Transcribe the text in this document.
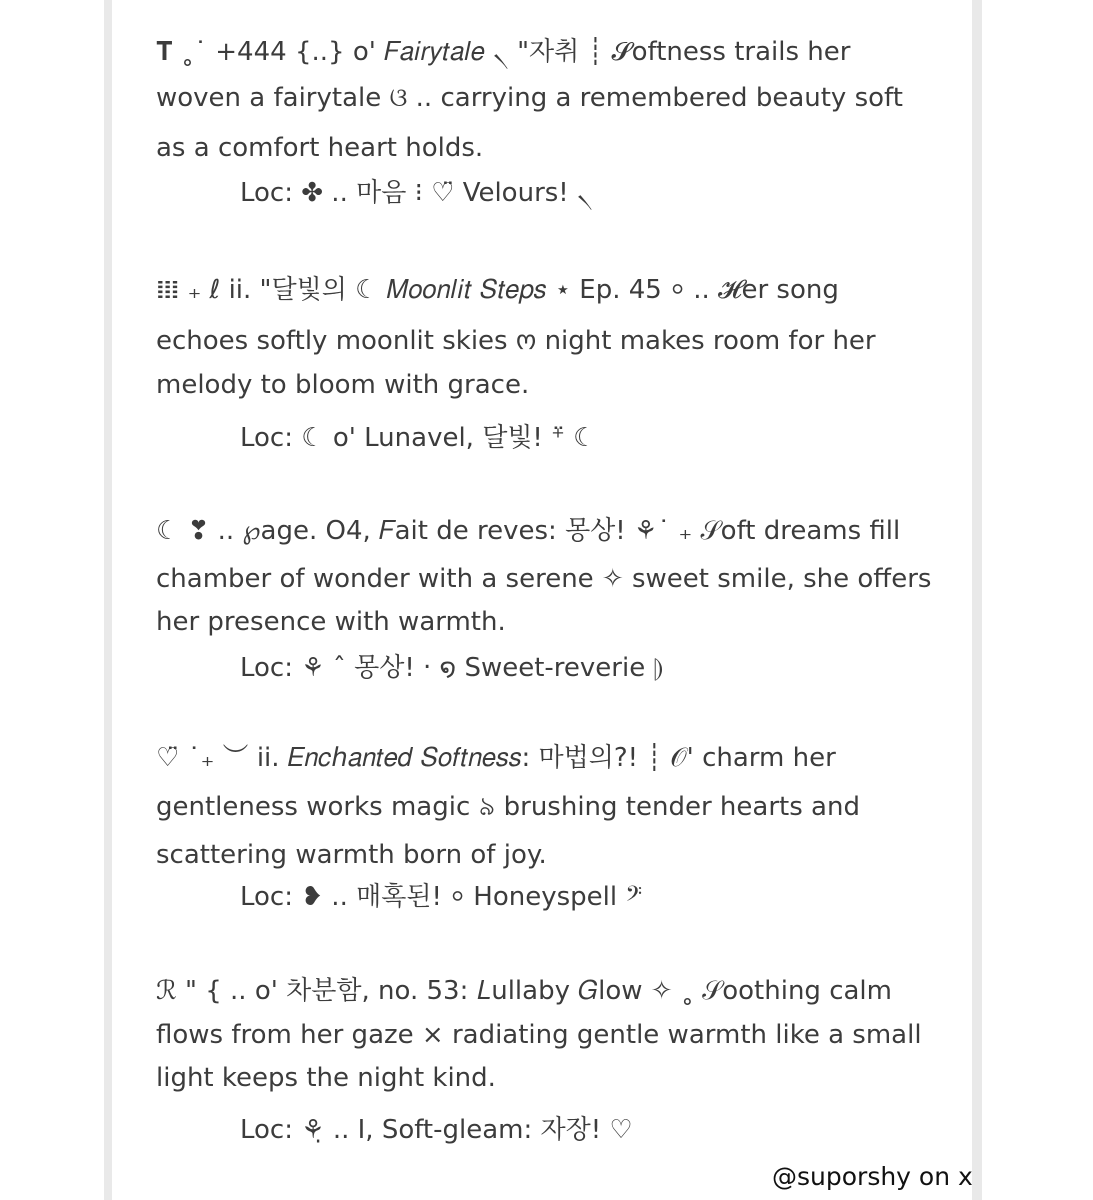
𝚻 ˳˙ +444 {..} o' 𝐹𝑎𝑖𝑟𝑦𝑡𝑎𝑙𝑒 ৲ "자취 ┊ 𝓢oftness trails her
woven a fairytale ଓ .. carrying a remembered beauty soft
as a comfort heart holds.
Loc: ✤ .. 마음 ⁝ ♡̈ Velours! ৲
𝍖 ₊ ℓ ii. "달빛의 ☾ 𝑀𝑜𝑜𝑛𝑙𝑖𝑡 𝑆𝑡𝑒𝑝𝑠 ⋆ Ep. 45 ⸰ .. 𝓗er song
echoes softly moonlit skies ო night makes room for her
melody to bloom with grace.
Loc: ☾ o' Lunavel, 달빛! ⁺̈ ☾
☾ ❣ .. ℘age. O4, 𝐹ait de reves: 몽상! ⚘˙ ₊ 𝒮oft dreams fill
chamber of wonder with a serene ✧ sweet smile, she offers
her presence with warmth.
Loc: ⚘ ˆ 몽상! ‧ ໑ Sweet-reverie ⦈
♡̈ ˙₊ ︶ ii. 𝐸𝑛𝑐ℎ𝑎𝑛𝑡𝑒𝑑 𝑆𝑜𝑓𝑡𝑛𝑒𝑠𝑠: 마법의?! ┊ 𝒪' charm her
gentleness works magic ৯ brushing tender hearts and
scattering warmth born of joy.
Loc: ❥ .. 매혹된! ⸰ Honeyspell 𝄢
ℛ " { .. o' 차분함, no. 53: 𝐿ullaby 𝐺low ✧ ˳ 𝒮oothing calm
flows from her gaze × radiating gentle warmth like a small
light keeps the night kind.
Loc: ⚘̣ .. I, Soft-gleam: 자장! ♡
@suporshy on x
